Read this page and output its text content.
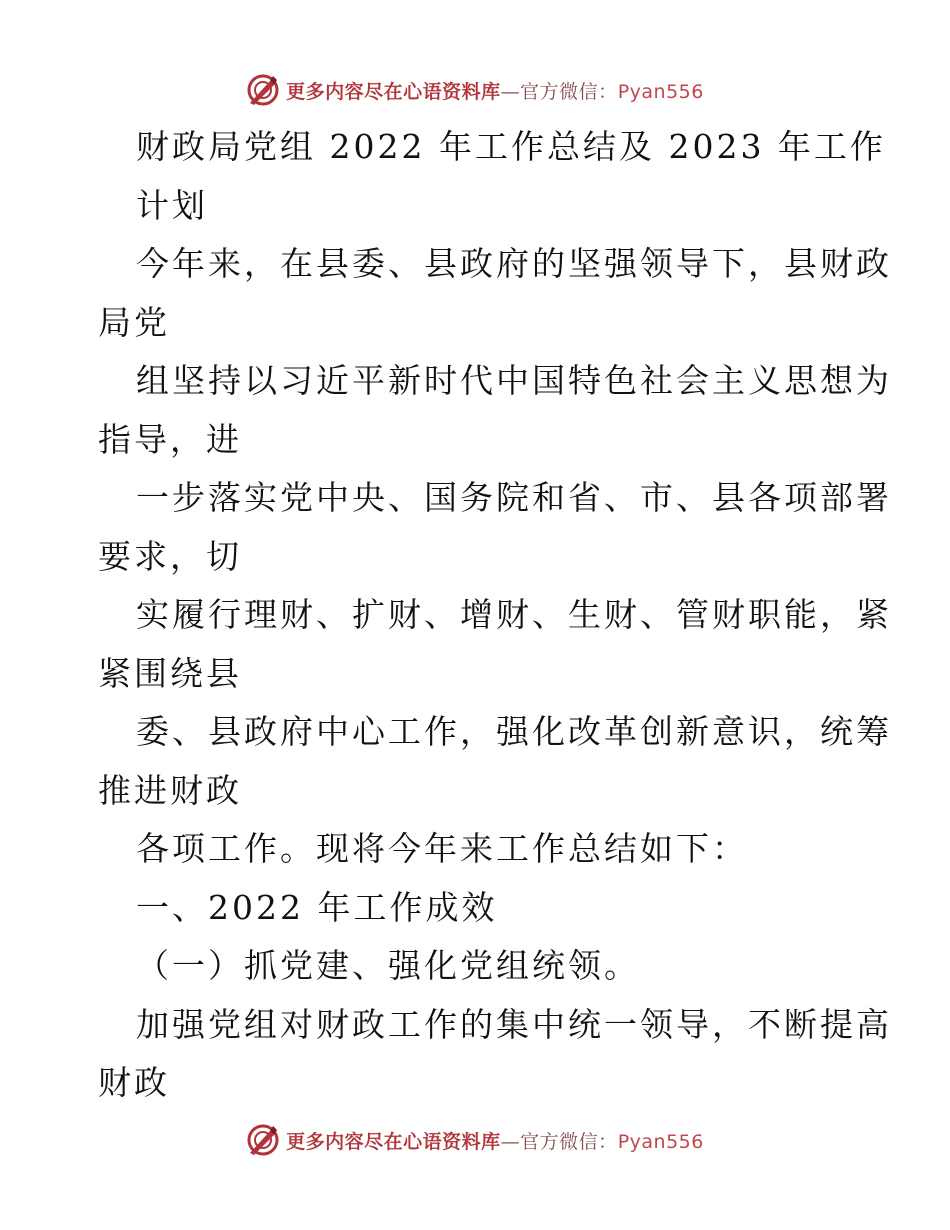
更多内容尽在心语资料库—官方微信：Pyan556
财政局党组 2022 年工作总结及 2023 年工作
计划
今年来，在县委、县政府的坚强领导下，县财政
局党
组坚持以习近平新时代中国特色社会主义思想为
指导，进
一步落实党中央、国务院和省、市、县各项部署
要求，切
实履行理财、扩财、增财、生财、管财职能，紧
紧围绕县
委、县政府中心工作，强化改革创新意识，统筹
推进财政
各项工作。现将今年来工作总结如下：
一、2022 年工作成效
（一）抓党建、强化党组统领。
加强党组对财政工作的集中统一领导，不断提高
财政
更多内容尽在心语资料库—官方微信：Pyan556
